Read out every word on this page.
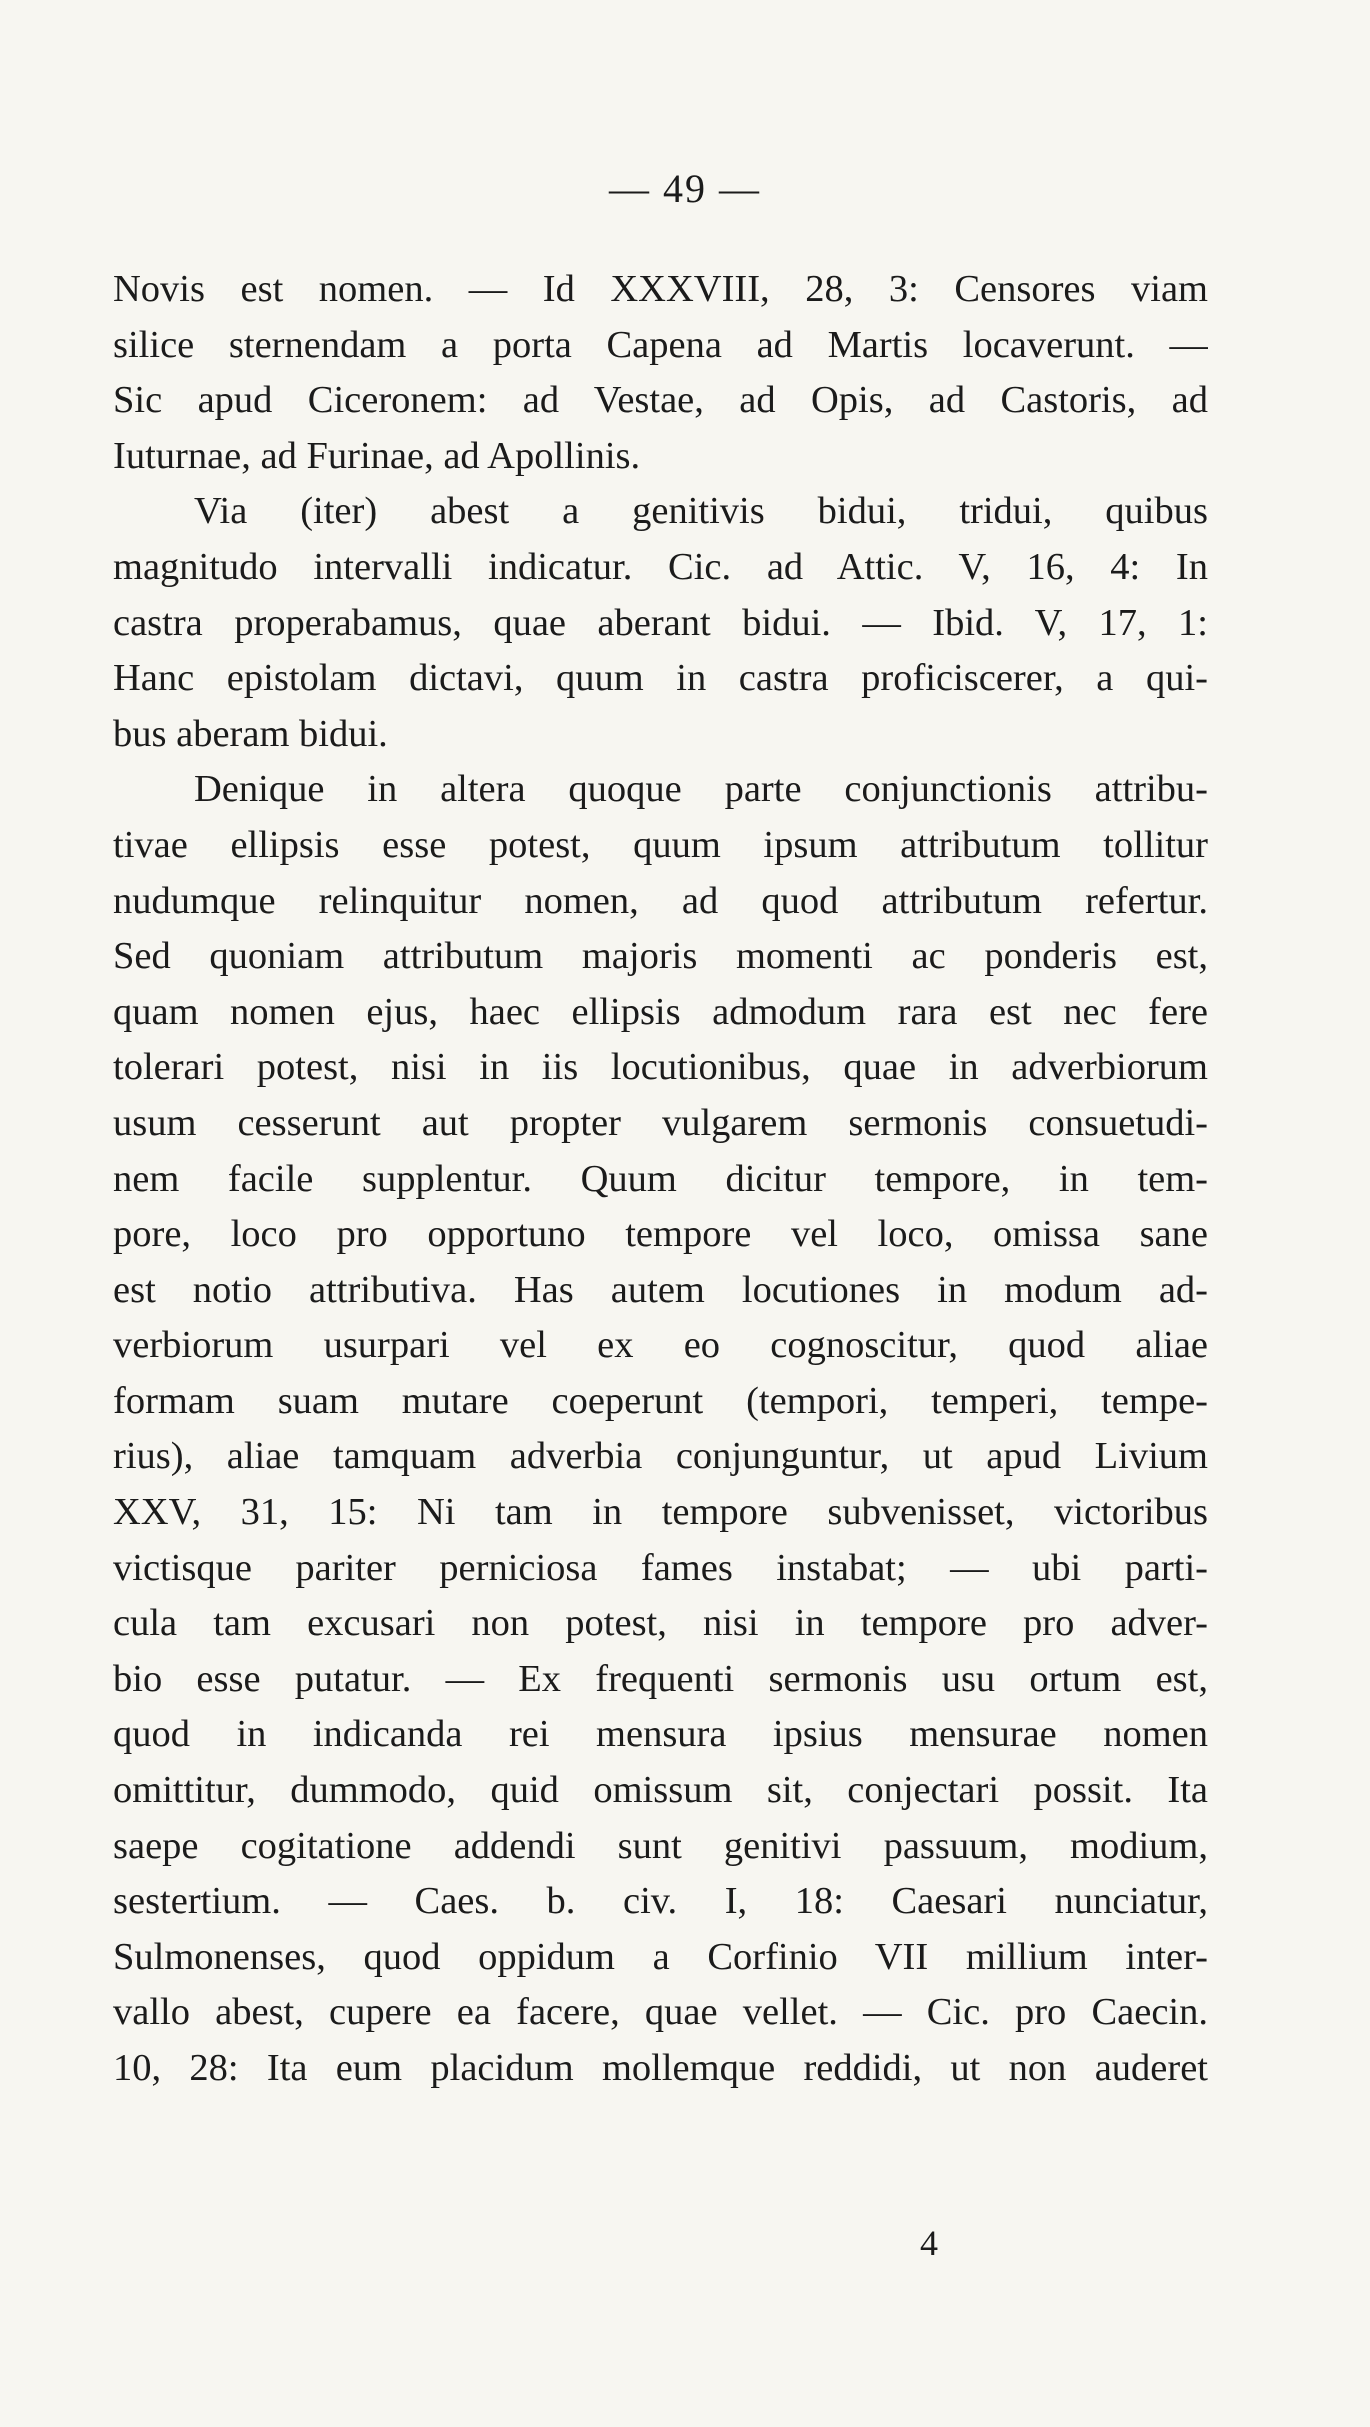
— 49 —
Novis est nomen. — Id XXXVIII, 28, 3: Censores viam
silice sternendam a porta Capena ad Martis locaverunt. —
Sic apud Ciceronem: ad Vestae, ad Opis, ad Castoris, ad
Iuturnae, ad Furinae, ad Apollinis.
Via (iter) abest a genitivis bidui, tridui, quibus
magnitudo intervalli indicatur. Cic. ad Attic. V, 16, 4: In
castra properabamus, quae aberant bidui. — Ibid. V, 17, 1:
Hanc epistolam dictavi, quum in castra proficiscerer, a qui-
bus aberam bidui.
Denique in altera quoque parte conjunctionis attribu-
tivae ellipsis esse potest, quum ipsum attributum tollitur
nudumque relinquitur nomen, ad quod attributum refertur.
Sed quoniam attributum majoris momenti ac ponderis est,
quam nomen ejus, haec ellipsis admodum rara est nec fere
tolerari potest, nisi in iis locutionibus, quae in adverbiorum
usum cesserunt aut propter vulgarem sermonis consuetudi-
nem facile supplentur. Quum dicitur tempore, in tem-
pore, loco pro opportuno tempore vel loco, omissa sane
est notio attributiva. Has autem locutiones in modum ad-
verbiorum usurpari vel ex eo cognoscitur, quod aliae
formam suam mutare coeperunt (tempori, temperi, tempe-
rius), aliae tamquam adverbia conjunguntur, ut apud Livium
XXV, 31, 15: Ni tam in tempore subvenisset, victoribus
victisque pariter perniciosa fames instabat; — ubi parti-
cula tam excusari non potest, nisi in tempore pro adver-
bio esse putatur. — Ex frequenti sermonis usu ortum est,
quod in indicanda rei mensura ipsius mensurae nomen
omittitur, dummodo, quid omissum sit, conjectari possit. Ita
saepe cogitatione addendi sunt genitivi passuum, modium,
sestertium. — Caes. b. civ. I, 18: Caesari nunciatur,
Sulmonenses, quod oppidum a Corfinio VII millium inter-
vallo abest, cupere ea facere, quae vellet. — Cic. pro Caecin.
10, 28: Ita eum placidum mollemque reddidi, ut non auderet
4
